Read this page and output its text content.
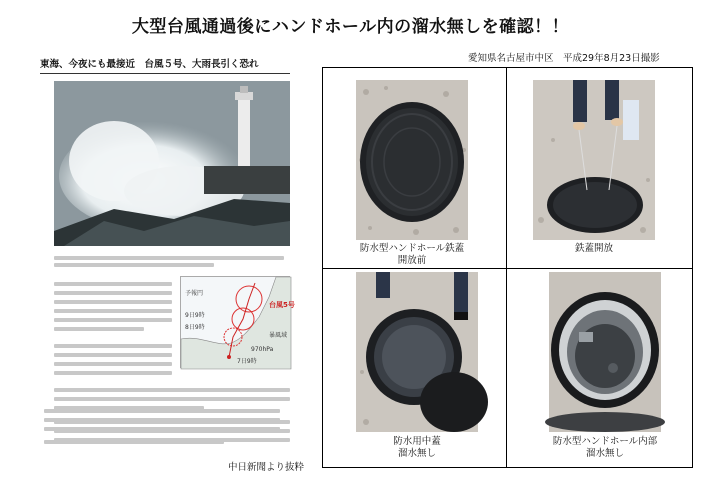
大型台風通過後にハンドホール内の溜水無しを確認！！
愛知県名古屋市中区　平成29年8月23日撮影
東海、今夜にも最接近　台風５号、大雨長引く恐れ
予報円
9日9時
8日9時
7日9時
970hPa
台風5号
暴風域
中日新聞より抜粋
防水型ハンドホール鉄蓋
開放前
鉄蓋開放
防水用中蓋
溜水無し
防水型ハンドホール内部
溜水無し
